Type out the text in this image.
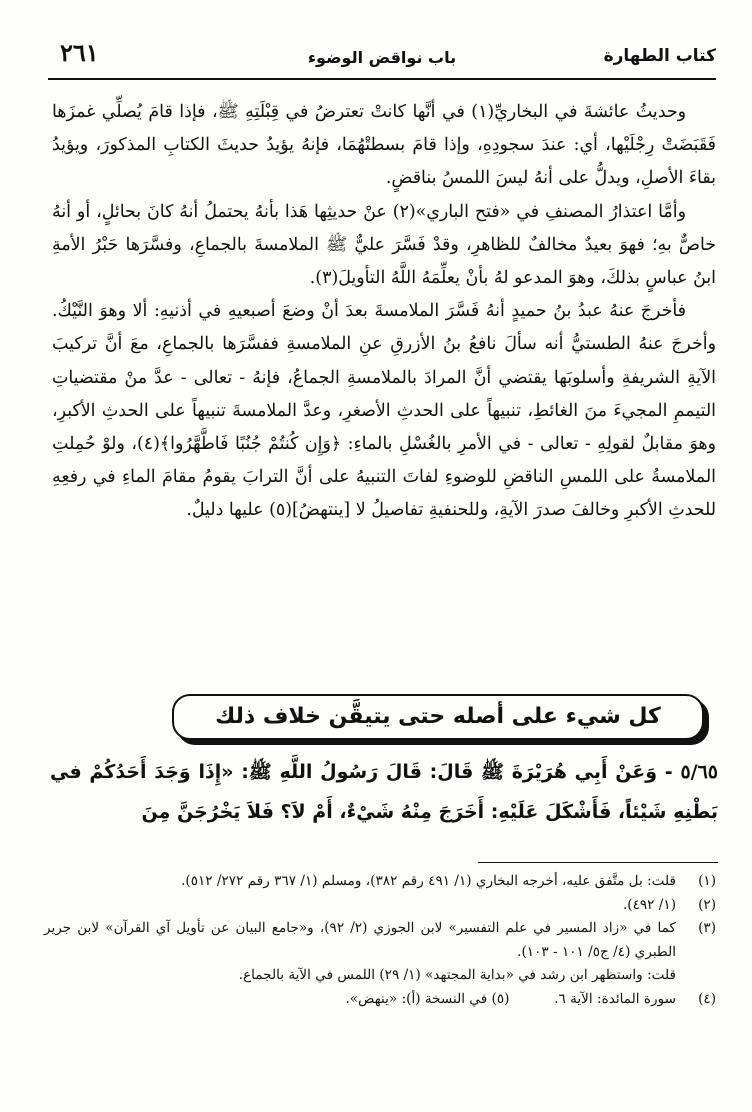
كتاب الطهارة
باب نواقض الوضوء
٢٦١

وحديثُ عائشةَ في البخاريِّ(١) في أنَّها كانتْ تعترضُ في قِبْلَتِهِ ﷺ، فإذا قامَ يُصلِّي غمزَها فَقَبَضَتْ رِجْلَيْها، أي: عندَ سجودِهِ، وإذا قامَ بسطتْهُمَا، فإنهُ يؤيدُ حديثَ الكتابِ المذكورَ، ويؤيدُ بقاءَ الأصلِ، ويدلُّ على أنهُ ليسَ اللمسُ بناقضٍ.

وأمَّا اعتذارُ المصنفِ في «فتح الباري»(٢) عنْ حديثِها هَذا بأنهُ يحتملُ أنهُ كانَ بحائلٍ، أو أنهُ خاصٌّ بهِ؛ فهوَ بعيدٌ مخالفٌ للظاهرِ، وقدْ فَسَّرَ عليٌّ ﷺ الملامسةَ بالجماعِ، وفسَّرَها حَبْرُ الأمةِ ابنُ عباسٍ بذلكَ، وهوَ المدعو لهُ بأنْ يعلِّمَهُ اللَّهُ التأويلَ(٣).

فأخرجَ عنهُ عبدُ بنُ حميدٍ أنهُ فَسَّرَ الملامسةَ بعدَ أنْ وضعَ أصبعيهِ في أذنيهِ: ألا وهوَ النَّيْكُ. وأخرجَ عنهُ الطستيُّ أنه سألَ نافعُ بنُ الأزرقِ عنِ الملامسةِ ففسَّرَها بالجماعِ، معَ أنَّ تركيبَ الآيةِ الشريفةِ وأسلوبَها يقتضي أنَّ المرادَ بالملامسةِ الجماعُ، فإنهُ - تعالى - عدَّ منْ مقتضياتِ التيممِ المجيءَ منَ الغائطِ، تنبيهاً على الحدثِ الأصغرِ، وعدَّ الملامسةَ تنبيهاً على الحدثِ الأكبرِ، وهوَ مقابلٌ لقولِهِ - تعالى - في الأمرِ بالغُسْلِ بالماءِ: ﴿وَإِن كُنتُمْ جُنُبًا فَاطَّهَّرُوا﴾(٤)، ولوْ حُمِلتِ الملامسةُ على اللمسِ الناقضِ للوضوءِ لفاتَ التنبيهُ على أنَّ الترابَ يقومُ مقامَ الماءِ في رفعِهِ للحدثِ الأكبرِ وخالفَ صدرَ الآيةِ، وللحنفيةِ تفاصيلُ لا [ينتهضُ](٥) عليها دليلٌ.

كل شيء على أصله حتى يتيقَّن خلاف ذلك
٥/٦٥ - وَعَنْ أَبِي هُرَيْرَةَ ﷺ قَالَ: قَالَ رَسُولُ اللَّهِ ﷺ: «إِذَا وَجَدَ أَحَدُكُمْ في بَطْنِهِ شَيْئاً، فَأَشْكَلَ عَلَيْهِ: أَخَرَجَ مِنْهُ شَيْءٌ، أَمْ لاَ؟ فَلاَ يَخْرُجَنَّ مِنَ
(١)
قلت: بل متَّفق عليه، أخرجه البخاري (١/ ٤٩١ رقم ٣٨٢)، ومسلم (١/ ٣٦٧ رقم ٢٧٢/ ٥١٢).
(٢)
(١/ ٤٩٢).
(٣)
كما في «زاد المسير في علم التفسير» لابن الجوزي (٢/ ٩٢)، و«جامع البيان عن تأويل آي القرآن» لابن جرير الطبري (٤/ ج٥/ ١٠١ - ١٠٣).
قلت: واستظهر ابن رشد في «بداية المجتهد» (١/ ٢٩) اللمس في الآية بالجماع.
(٤)
سورة المائدة: الآية ٦.  (٥) في النسخة (أ): «ينهض».
